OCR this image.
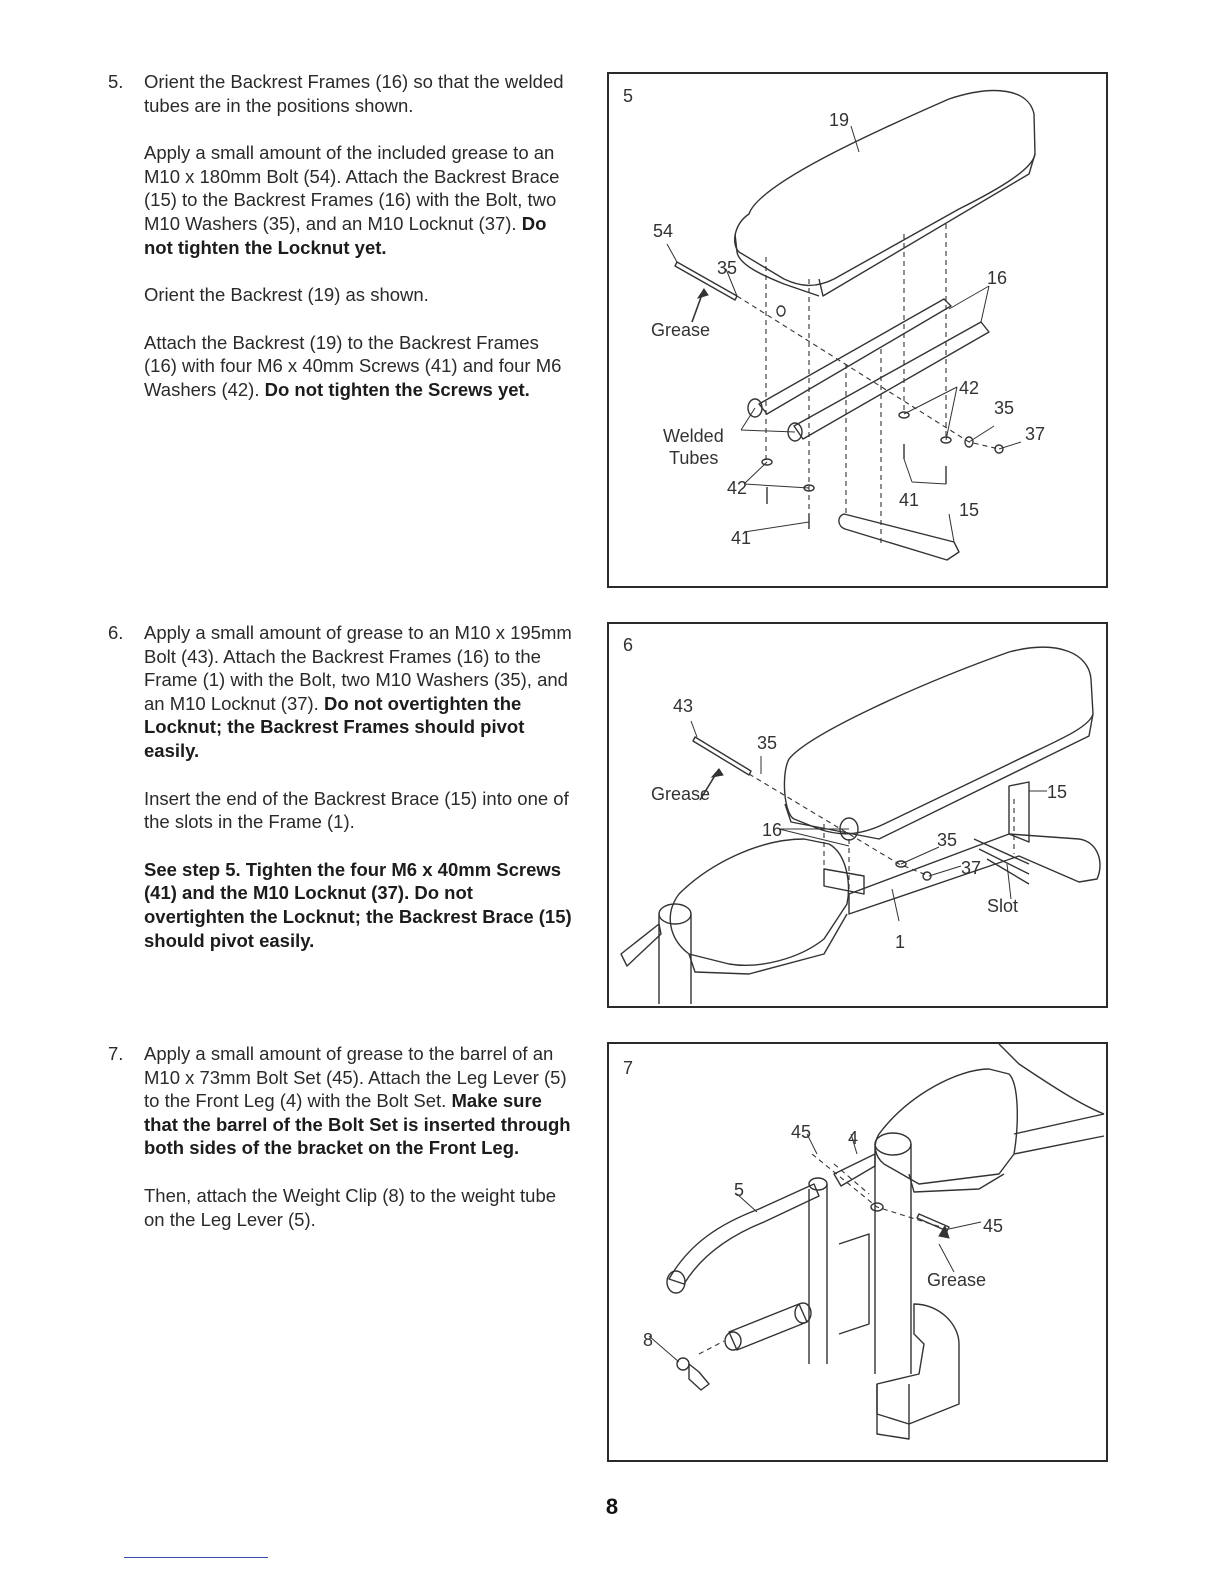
5.	Orient the Backrest Frames (16) so that the welded tubes are in the positions shown.

Apply a small amount of the included grease to an M10 x 180mm Bolt (54). Attach the Backrest Brace (15) to the Backrest Frames (16) with the Bolt, two M10 Washers (35), and an M10 Locknut (37). Do not tighten the Locknut yet.

Orient the Backrest (19) as shown.

Attach the Backrest (19) to the Backrest Frames (16) with four M6 x 40mm Screws (41) and four M6 Washers (42). Do not tighten the Screws yet.

6.	Apply a small amount of grease to an M10 x 195mm Bolt (43). Attach the Backrest Frames (16) to the Frame (1) with the Bolt, two M10 Washers (35), and an M10 Locknut (37). Do not overtighten the Locknut; the Backrest Frames should pivot easily.

Insert the end of the Backrest Brace (15) into one of the slots in the Frame (1).

See step 5. Tighten the four M6 x 40mm Screws (41) and the M10 Locknut (37). Do not overtighten the Locknut; the Backrest Brace (15) should pivot easily.

7.	Apply a small amount of grease to the barrel of an M10 x 73mm Bolt Set (45). Attach the Leg Lever (5) to the Front Leg (4) with the Bolt Set. Make sure that the barrel of the Bolt Set is inserted through both sides of the bracket on the Front Leg.

Then, attach the Weight Clip (8) to the weight tube on the Leg Lever (5).

5
19
54
35
Grease
16
42
35
37
Welded
Tubes
42
41 15
41
6
43
35
Grease	15
16	35
37
Slot
1
7
45 4
5
45
Grease
8
8
